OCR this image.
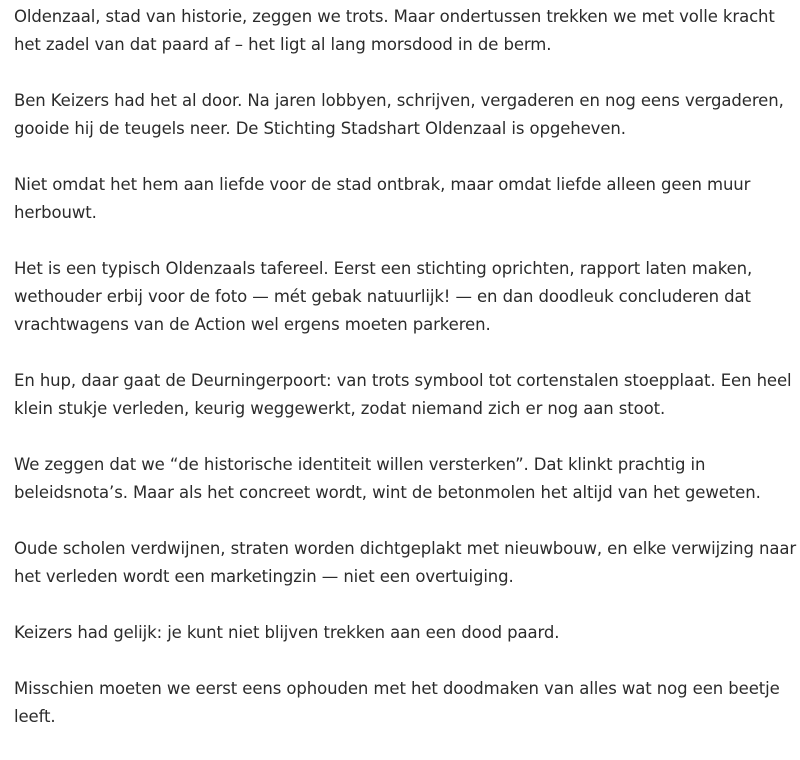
Oldenzaal, stad van historie, zeggen we trots. Maar ondertussen trekken we met volle kracht het zadel van dat paard af – het ligt al lang morsdood in de berm.

Ben Keizers had het al door. Na jaren lobbyen, schrijven, vergaderen en nog eens vergaderen, gooide hij de teugels neer. De Stichting Stadshart Oldenzaal is opgeheven.

Niet omdat het hem aan liefde voor de stad ontbrak, maar omdat liefde alleen geen muur herbouwt.

Het is een typisch Oldenzaals tafereel. Eerst een stichting oprichten, rapport laten maken, wethouder erbij voor de foto — mét gebak natuurlijk! — en dan doodleuk concluderen dat vrachtwagens van de Action wel ergens moeten parkeren.

En hup, daar gaat de Deurningerpoort: van trots symbool tot cortenstalen stoepplaat. Een heel klein stukje verleden, keurig weggewerkt, zodat niemand zich er nog aan stoot.

We zeggen dat we “de historische identiteit willen versterken”. Dat klinkt prachtig in beleidsnota’s. Maar als het concreet wordt, wint de betonmolen het altijd van het geweten.

Oude scholen verdwijnen, straten worden dichtgeplakt met nieuwbouw, en elke verwijzing naar het verleden wordt een marketingzin — niet een overtuiging.

Keizers had gelijk: je kunt niet blijven trekken aan een dood paard.

Misschien moeten we eerst eens ophouden met het doodmaken van alles wat nog een beetje leeft.
